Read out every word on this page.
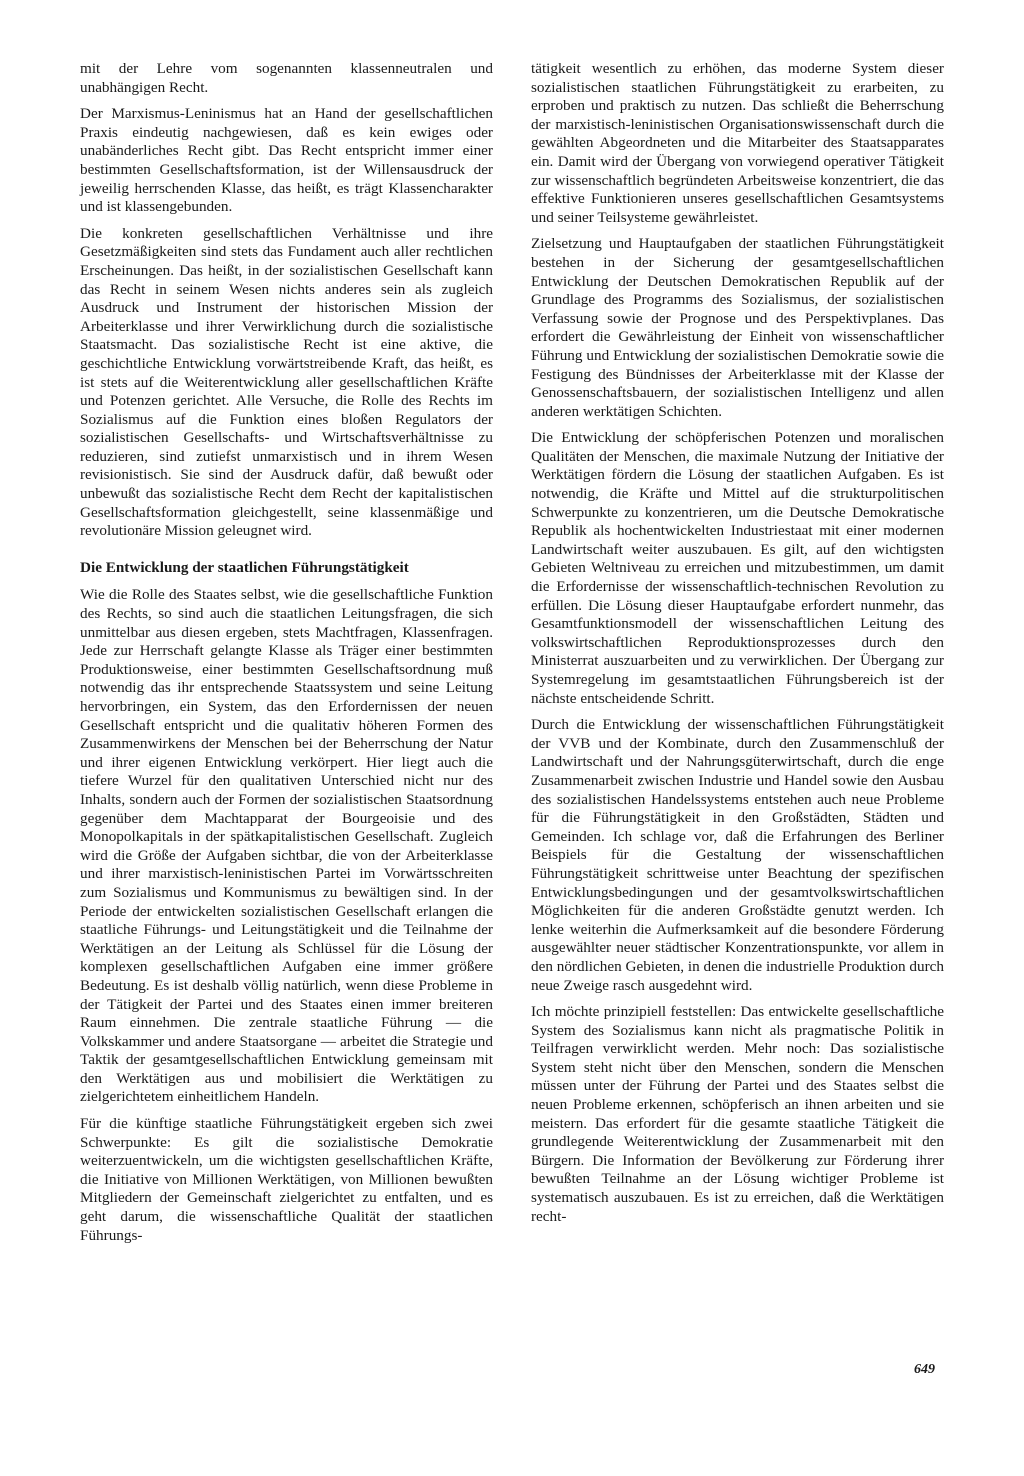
mit der Lehre vom sogenannten klassenneutralen und unabhängigen Recht.

Der Marxismus-Leninismus hat an Hand der gesellschaftlichen Praxis eindeutig nachgewiesen, daß es kein ewiges oder unabänderliches Recht gibt. Das Recht entspricht immer einer bestimmten Gesellschaftsformation, ist der Willensausdruck der jeweilig herrschenden Klasse, das heißt, es trägt Klassencharakter und ist klassengebunden.

Die konkreten gesellschaftlichen Verhältnisse und ihre Gesetzmäßigkeiten sind stets das Fundament auch aller rechtlichen Erscheinungen. Das heißt, in der sozialistischen Gesellschaft kann das Recht in seinem Wesen nichts anderes sein als zugleich Ausdruck und Instrument der historischen Mission der Arbeiterklasse und ihrer Verwirklichung durch die sozialistische Staatsmacht. Das sozialistische Recht ist eine aktive, die geschichtliche Entwicklung vorwärtstreibende Kraft, das heißt, es ist stets auf die Weiterentwicklung aller gesellschaftlichen Kräfte und Potenzen gerichtet. Alle Versuche, die Rolle des Rechts im Sozialismus auf die Funktion eines bloßen Regulators der sozialistischen Gesellschafts- und Wirtschaftsverhältnisse zu reduzieren, sind zutiefst unmarxistisch und in ihrem Wesen revisionistisch. Sie sind der Ausdruck dafür, daß bewußt oder unbewußt das sozialistische Recht dem Recht der kapitalistischen Gesellschaftsformation gleichgestellt, seine klassenmäßige und revolutionäre Mission geleugnet wird.

Die Entwicklung der staatlichen Führungstätigkeit

Wie die Rolle des Staates selbst, wie die gesellschaftliche Funktion des Rechts, so sind auch die staatlichen Leitungsfragen, die sich unmittelbar aus diesen ergeben, stets Machtfragen, Klassenfragen. Jede zur Herrschaft gelangte Klasse als Träger einer bestimmten Produktionsweise, einer bestimmten Gesellschaftsordnung muß notwendig das ihr entsprechende Staatssystem und seine Leitung hervorbringen, ein System, das den Erfordernissen der neuen Gesellschaft entspricht und die qualitativ höheren Formen des Zusammenwirkens der Menschen bei der Beherrschung der Natur und ihrer eigenen Entwicklung verkörpert. Hier liegt auch die tiefere Wurzel für den qualitativen Unterschied nicht nur des Inhalts, sondern auch der Formen der sozialistischen Staatsordnung gegenüber dem Machtapparat der Bourgeoisie und des Monopolkapitals in der spätkapitalistischen Gesellschaft. Zugleich wird die Größe der Aufgaben sichtbar, die von der Arbeiterklasse und ihrer marxistisch-leninistischen Partei im Vorwärtsschreiten zum Sozialismus und Kommunismus zu bewältigen sind. In der Periode der entwickelten sozialistischen Gesellschaft erlangen die staatliche Führungs- und Leitungstätigkeit und die Teilnahme der Werktätigen an der Leitung als Schlüssel für die Lösung der komplexen gesellschaftlichen Aufgaben eine immer größere Bedeutung. Es ist deshalb völlig natürlich, wenn diese Probleme in der Tätigkeit der Partei und des Staates einen immer breiteren Raum einnehmen. Die zentrale staatliche Führung — die Volkskammer und andere Staatsorgane — arbeitet die Strategie und Taktik der gesamtgesellschaftlichen Entwicklung gemeinsam mit den Werktätigen aus und mobilisiert die Werktätigen zu zielgerichtetem einheitlichem Handeln.

Für die künftige staatliche Führungstätigkeit ergeben sich zwei Schwerpunkte: Es gilt die sozialistische Demokratie weiterzuentwickeln, um die wichtigsten gesellschaftlichen Kräfte, die Initiative von Millionen Werktätigen, von Millionen bewußten Mitgliedern der Gemeinschaft zielgerichtet zu entfalten, und es geht darum, die wissenschaftliche Qualität der staatlichen Führungs-

tätigkeit wesentlich zu erhöhen, das moderne System dieser sozialistischen staatlichen Führungstätigkeit zu erarbeiten, zu erproben und praktisch zu nutzen. Das schließt die Beherrschung der marxistisch-leninistischen Organisationswissenschaft durch die gewählten Abgeordneten und die Mitarbeiter des Staatsapparates ein. Damit wird der Übergang von vorwiegend operativer Tätigkeit zur wissenschaftlich begründeten Arbeitsweise konzentriert, die das effektive Funktionieren unseres gesellschaftlichen Gesamtsystems und seiner Teilsysteme gewährleistet.

Zielsetzung und Hauptaufgaben der staatlichen Führungstätigkeit bestehen in der Sicherung der gesamtgesellschaftlichen Entwicklung der Deutschen Demokratischen Republik auf der Grundlage des Programms des Sozialismus, der sozialistischen Verfassung sowie der Prognose und des Perspektivplanes. Das erfordert die Gewährleistung der Einheit von wissenschaftlicher Führung und Entwicklung der sozialistischen Demokratie sowie die Festigung des Bündnisses der Arbeiterklasse mit der Klasse der Genossenschaftsbauern, der sozialistischen Intelligenz und allen anderen werktätigen Schichten.

Die Entwicklung der schöpferischen Potenzen und moralischen Qualitäten der Menschen, die maximale Nutzung der Initiative der Werktätigen fördern die Lösung der staatlichen Aufgaben. Es ist notwendig, die Kräfte und Mittel auf die strukturpolitischen Schwerpunkte zu konzentrieren, um die Deutsche Demokratische Republik als hochentwickelten Industriestaat mit einer modernen Landwirtschaft weiter auszubauen. Es gilt, auf den wichtigsten Gebieten Weltniveau zu erreichen und mitzubestimmen, um damit die Erfordernisse der wissenschaftlich-technischen Revolution zu erfüllen. Die Lösung dieser Hauptaufgabe erfordert nunmehr, das Gesamtfunktionsmodell der wissenschaftlichen Leitung des volkswirtschaftlichen Reproduktionsprozesses durch den Ministerrat auszuarbeiten und zu verwirklichen. Der Übergang zur Systemregelung im gesamtstaatlichen Führungsbereich ist der nächste entscheidende Schritt.

Durch die Entwicklung der wissenschaftlichen Führungstätigkeit der VVB und der Kombinate, durch den Zusammenschluß der Landwirtschaft und der Nahrungsgüterwirtschaft, durch die enge Zusammenarbeit zwischen Industrie und Handel sowie den Ausbau des sozialistischen Handelssystems entstehen auch neue Probleme für die Führungstätigkeit in den Großstädten, Städten und Gemeinden. Ich schlage vor, daß die Erfahrungen des Berliner Beispiels für die Gestaltung der wissenschaftlichen Führungstätigkeit schrittweise unter Beachtung der spezifischen Entwicklungsbedingungen und der gesamtvolkswirtschaftlichen Möglichkeiten für die anderen Großstädte genutzt werden. Ich lenke weiterhin die Aufmerksamkeit auf die besondere Förderung ausgewählter neuer städtischer Konzentrationspunkte, vor allem in den nördlichen Gebieten, in denen die industrielle Produktion durch neue Zweige rasch ausgedehnt wird.

Ich möchte prinzipiell feststellen: Das entwickelte gesellschaftliche System des Sozialismus kann nicht als pragmatische Politik in Teilfragen verwirklicht werden. Mehr noch: Das sozialistische System steht nicht über den Menschen, sondern die Menschen müssen unter der Führung der Partei und des Staates selbst die neuen Probleme erkennen, schöpferisch an ihnen arbeiten und sie meistern. Das erfordert für die gesamte staatliche Tätigkeit die grundlegende Weiterentwicklung der Zusammenarbeit mit den Bürgern. Die Information der Bevölkerung zur Förderung ihrer bewußten Teilnahme an der Lösung wichtiger Probleme ist systematisch auszubauen. Es ist zu erreichen, daß die Werktätigen recht-

649
